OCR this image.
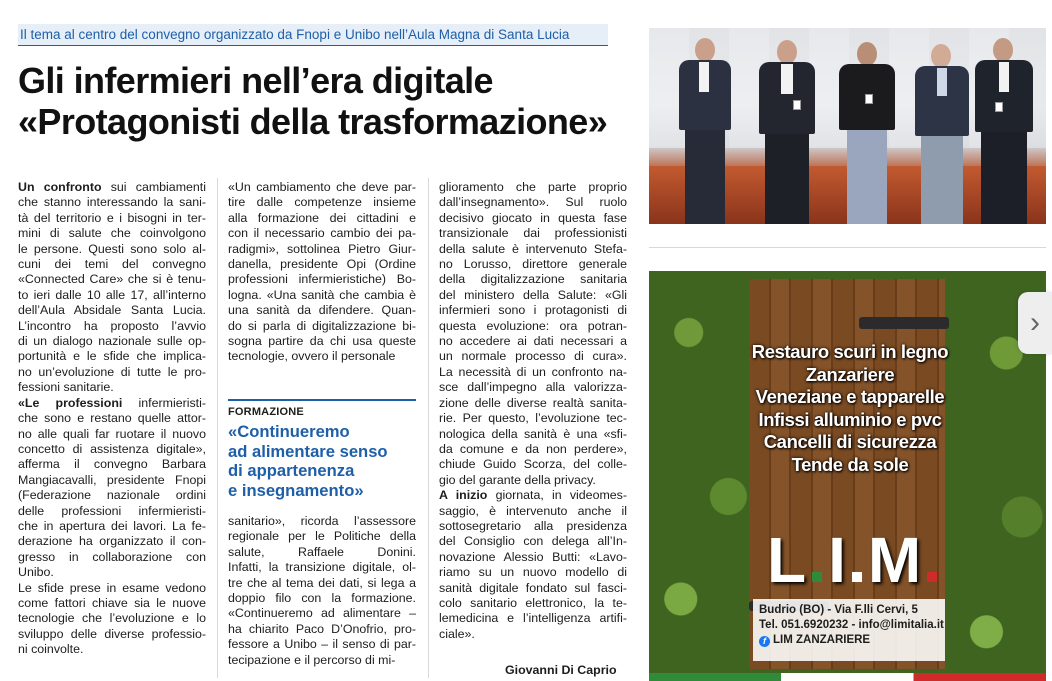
Il tema al centro del convegno organizzato da Fnopi e Unibo nell’Aula Magna di Santa Lucia
Gli infermieri nell’era digitale
«Protagonisti della trasformazione»

Un confronto sui cambiamenti
che stanno interessando la sani-
tà del territorio e i bisogni in ter-
mini di salute che coinvolgono
le persone. Questi sono solo al-
cuni dei temi del convegno
«Connected Care» che si è tenu-
to ieri dalle 10 alle 17, all’interno
dell’Aula Absidale Santa Lucia.
L’incontro ha proposto l’avvio
di un dialogo nazionale sulle op-
portunità e le sfide che implica-
no un’evoluzione di tutte le pro-
fessioni sanitarie.

«Le professioni infermieristi-
che sono e restano quelle attor-
no alle quali far ruotare il nuovo
concetto di assistenza digitale»,
afferma il convegno Barbara
Mangiacavalli, presidente Fnopi
(Federazione nazionale ordini
delle professioni infermieristi-
che in apertura dei lavori. La fe-
derazione ha organizzato il con-
gresso in collaborazione con
Unibo.
Le sfide prese in esame vedono
come fattori chiave sia le nuove
tecnologie che l’evoluzione e lo
sviluppo delle diverse professio-
ni coinvolte.

«Un cambiamento che deve par-
tire dalle competenze insieme
alla formazione dei cittadini e
con il necessario cambio dei pa-
radigmi», sottolinea Pietro Giur-
danella, presidente Opi (Ordine
professioni infermieristiche) Bo-
logna. «Una sanità che cambia è
una sanità da difendere. Quan-
do si parla di digitalizzazione bi-
sogna partire da chi usa queste
tecnologie, ovvero il personale

FORMAZIONE
«Continueremo
ad alimentare senso
di appartenenza
e insegnamento»

sanitario», ricorda l’assessore
regionale per le Politiche della
salute, Raffaele Donini.
Infatti, la transizione digitale, ol-
tre che al tema dei dati, si lega a
doppio filo con la formazione.
«Continueremo ad alimentare –
ha chiarito Paco D’Onofrio, pro-
fessore a Unibo – il senso di par-
tecipazione e il percorso di mi-

glioramento che parte proprio
dall’insegnamento». Sul ruolo
decisivo giocato in questa fase
transizionale dai professionisti
della salute è intervenuto Stefa-
no Lorusso, direttore generale
della digitalizzazione sanitaria
del ministero della Salute: «Gli
infermieri sono i protagonisti di
questa evoluzione: ora potran-
no accedere ai dati necessari a
un normale processo di cura».
La necessità di un confronto na-
sce dall’impegno alla valorizza-
zione delle diverse realtà sanita-
rie. Per questo, l’evoluzione tec-
nologica della sanità è una «sfi-
da comune e da non perdere»,
chiude Guido Scorza, del colle-
gio del garante della privacy.

A inizio giornata, in videomes-
saggio, è intervenuto anche il
sottosegretario alla presidenza
del Consiglio con delega all’In-
novazione Alessio Butti: «Lavo-
riamo su un nuovo modello di
sanità digitale fondato sul fasci-
colo sanitario elettronico, la te-
lemedicina e l’intelligenza artifi-
ciale».

Giovanni Di Caprio
Restauro scuri in legno
Zanzariere
Veneziane e tapparelle
Infissi alluminio e pvc
Cancelli di sicurezza
Tende da sole
L I M
Budrio (BO) - Via F.lli Cervi, 5
Tel. 051.6920232 - info@limitalia.it
f LIM ZANZARIERE
›
